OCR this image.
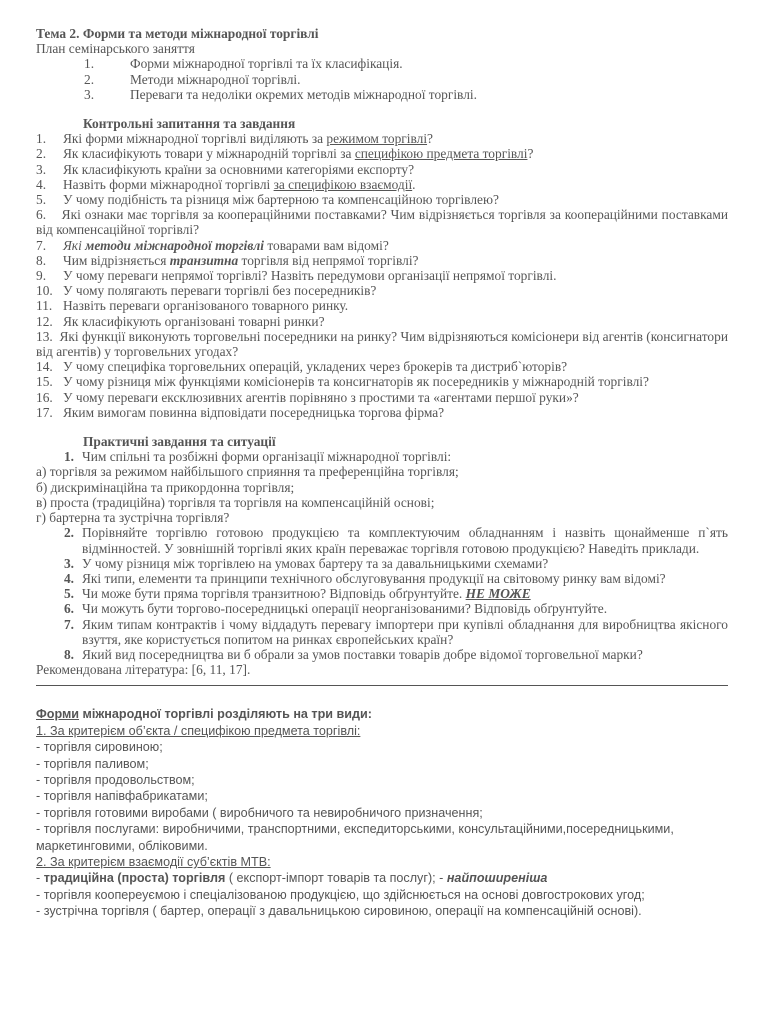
Тема 2. Форми та методи міжнародної торгівлі
План семінарського заняття
1.	Форми міжнародної торгівлі та їх класифікація.
2.	Методи міжнародної торгівлі.
3.	Переваги та недоліки окремих методів міжнародної торгівлі.
Контрольні запитання та завдання
1.	Які форми міжнародної торгівлі виділяють за режимом торгівлі?
2.	Як класифікують товари у міжнародній торгівлі за специфікою предмета торгівлі?
3.	Як класифікують країни за основними категоріями експорту?
4.	Назвіть форми міжнародної торгівлі за специфікою взаємодії.
5.	У чому подібність та різниця між бартерною та компенсаційною торгівлею?
6. Які ознаки має торгівля за коопераційними поставками? Чим відрізняється торгівля за коопераційними поставками від компенсаційної торгівлі?
7.	Які методи міжнародної торгівлі товарами вам відомі?
8.	Чим відрізняється транзитна торгівля від непрямої торгівлі?
9.	У чому переваги непрямої торгівлі? Назвіть передумови організації непрямої торгівлі.
10. У чому полягають переваги торгівлі без посередників?
11. Назвіть переваги організованого товарного ринку.
12. Як класифікують організовані товарні ринки?
13. Які функції виконують торговельні посередники на ринку? Чим відрізняються комісіонери від агентів (консигнатори від агентів) у торговельних угодах?
14. У чому специфіка торговельних операцій, укладених через брокерів та дистриб`юторів?
15. У чому різниця між функціями комісіонерів та консигнаторів як посередників у міжнародній торгівлі?
16. У чому переваги ексклюзивних агентів порівняно з простими та «агентами першої руки»?
17. Яким вимогам повинна відповідати посередницька торгова фірма?
Практичні завдання та ситуації
1. Чим спільні та розбіжні форми організації міжнародної торгівлі:
а) торгівля за режимом найбільшого сприяння та преференційна торгівля;
б) дискримінаційна та прикордонна торгівля;
в) проста (традиційна) торгівля та торгівля на компенсаційній основі;
г) бартерна та зустрічна торгівля?
2. Порівняйте торгівлю готовою продукцією та комплектуючим обладнанням і назвіть щонайменше п`ять відмінностей. У зовнішній торгівлі яких країн переважає торгівля готовою продукцією? Наведіть приклади.
3. У чому різниця між торгівлею на умовах бартеру та за давальницькими схемами?
4. Які типи, елементи та принципи технічного обслуговування продукції на світовому ринку вам відомі?
5. Чи може бути пряма торгівля транзитною? Відповідь обґрунтуйте. НЕ МОЖЕ
6. Чи можуть бути торгово-посередницькі операції неорганізованими? Відповідь обґрунтуйте.
7. Яким типам контрактів і чому віддадуть перевагу імпортери при купівлі обладнання для виробництва якісного взуття, яке користується попитом на ринках європейських країн?
8. Який вид посередництва ви б обрали за умов поставки товарів добре відомої торговельної марки?
Рекомендована література: [6, 11, 17].
Форми міжнародної торгівлі розділяють на три види:
1. За критерієм об’єкта / специфікою предмета торгівлі:
- торгівля сировиною;
- торгівля паливом;
- торгівля продовольством;
- торгівля напівфабрикатами;
- торгівля готовими виробами ( виробничого та невиробничого призначення;
- торгівля послугами: виробничими, транспортними, експедиторськими, консультаційними,посередницькими, маркетинговими, обліковими.
2. За критерієм взаємодії суб’єктів МТВ:
- традиційна (проста) торгівля ( експорт-імпорт товарів та послуг); - найпоширеніша
- торгівля коопереуємою і спеціалізованою продукцією, що здійснюється на основі довгострокових угод;
- зустрічна торгівля ( бартер, операції з давальницькою сировиною, операції на компенсаційній основі).
